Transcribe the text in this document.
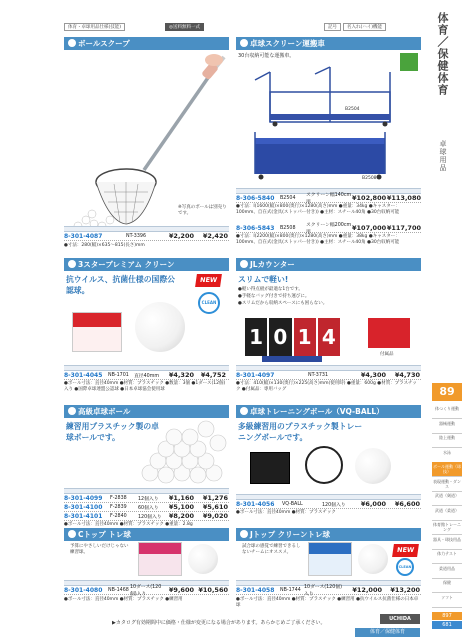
体育・卓球用品仕様(技能)	◎送料無料一式	記号	名入れ(ハイ)機能
ボールスクープ
※写真のボールは別売りです。
8-301-4087	NT-3396	¥2,200	¥2,420
●寸法：280(幅)×635～815(長さ)mm
卓球スクリーン運搬車
30台収納可能な運搬車。
B2504
B2508
8-306-5840	B2504	スクリーン幅140cm用
¥102,800 ¥113,080
●寸法：Ⅰ(1600(幅)×800(奥行)×1280(高さ)mm ●重量：34kg ●キャスター：100mm、自在式(金具(ストッパー付き)) ●主材：スチール40角 ●30台収納可能
8-306-5843	B2508	スクリーン幅200cm用
¥107,000 ¥117,700
●寸法：Ⅰ(2200(幅)×800(奥行)×1280(高さ)mm ●重量：38kg ●キャスター：100mm、自在式(金具(ストッパー付き)) ●主材：スチール40角 ●30台収納可能
3スタープレミアム クリーン
抗ウイルス、抗菌仕様の国際公認球。
NEW
CLEAN
8-301-4045	NB-1701	直径40mm	¥4,320	¥4,752
●ボール寸法：直径40mm ●材質：プラスチック ●数量：3個 ●1ダース(12個)入り ●国際卓球連盟公認球 ●日本卓球協会使用球
JLカウンター
スリムで軽い!
●軽い得点板が最適な1台です。
●手軽なバッグ付きで持ち運びに。
●スリムだから収納スペースにも困らない。
1 0 1 4
付属品
8-301-4097	NT-3731	¥4,300	¥4,730
●寸法：410(幅)×130(奥行)×225(高さ)mm(使用時) ●重量：600g ●材質：プラスチック ●付属品：専用バッグ
高級卓球ボール
練習用プラスチック製の卓球ボールです。
8-301-4099	F-2838	12個入り	¥1,160	¥1,276
8-301-4100	F-2839	60個入り	¥5,100	¥5,610
8-301-4101	F-2840	120個入り	¥8,200	¥9,020
●ボール寸法：直径40mm ●材質：プラスチック ●重量：2.8g
卓球トレーニングボール（VQ-BALL）
多級練習用のプラスチック製トレーニングボールです。
8-301-4056	VQ-BALL	120個入り	¥6,000	¥6,600
●ボール寸法：直径40mm ●材質：プラスチック
Cトップ トレ球
予算にやさしいだけじゃない練習球。
8-301-4080	NB-1468 10ダース(120個)入り
¥9,600 ¥10,560
●ボール寸法：直径40mm ●材質：プラスチック ●練習用
Jトップ クリーントレ球
試合球の感覚で練習できるしないチームにオススメ。	NEW
CLEAN
8-301-4058	NB-1744 10ダース(120個)入り
¥12,000	¥13,200
●ボール寸法：直径40mm ●材質：プラスチック ●練習用 ●抗ウイルス抗菌仕様の日本卓球
▶カタログ有効期間中に価格・仕様が変更になる場合があります。あらかじめご了承ください。
UCHIDA
体育／保健体育
体育／保健体育
卓球用品
89
体つくり運動
器械運動
陸上運動
水泳
ボール運動（球技）
表現運動・ダンス
武道（剣道）
武道（柔道）
体育館トレーニング
器具・球技用品
体力テスト
柔道用品
保健
ソフト
897
681
